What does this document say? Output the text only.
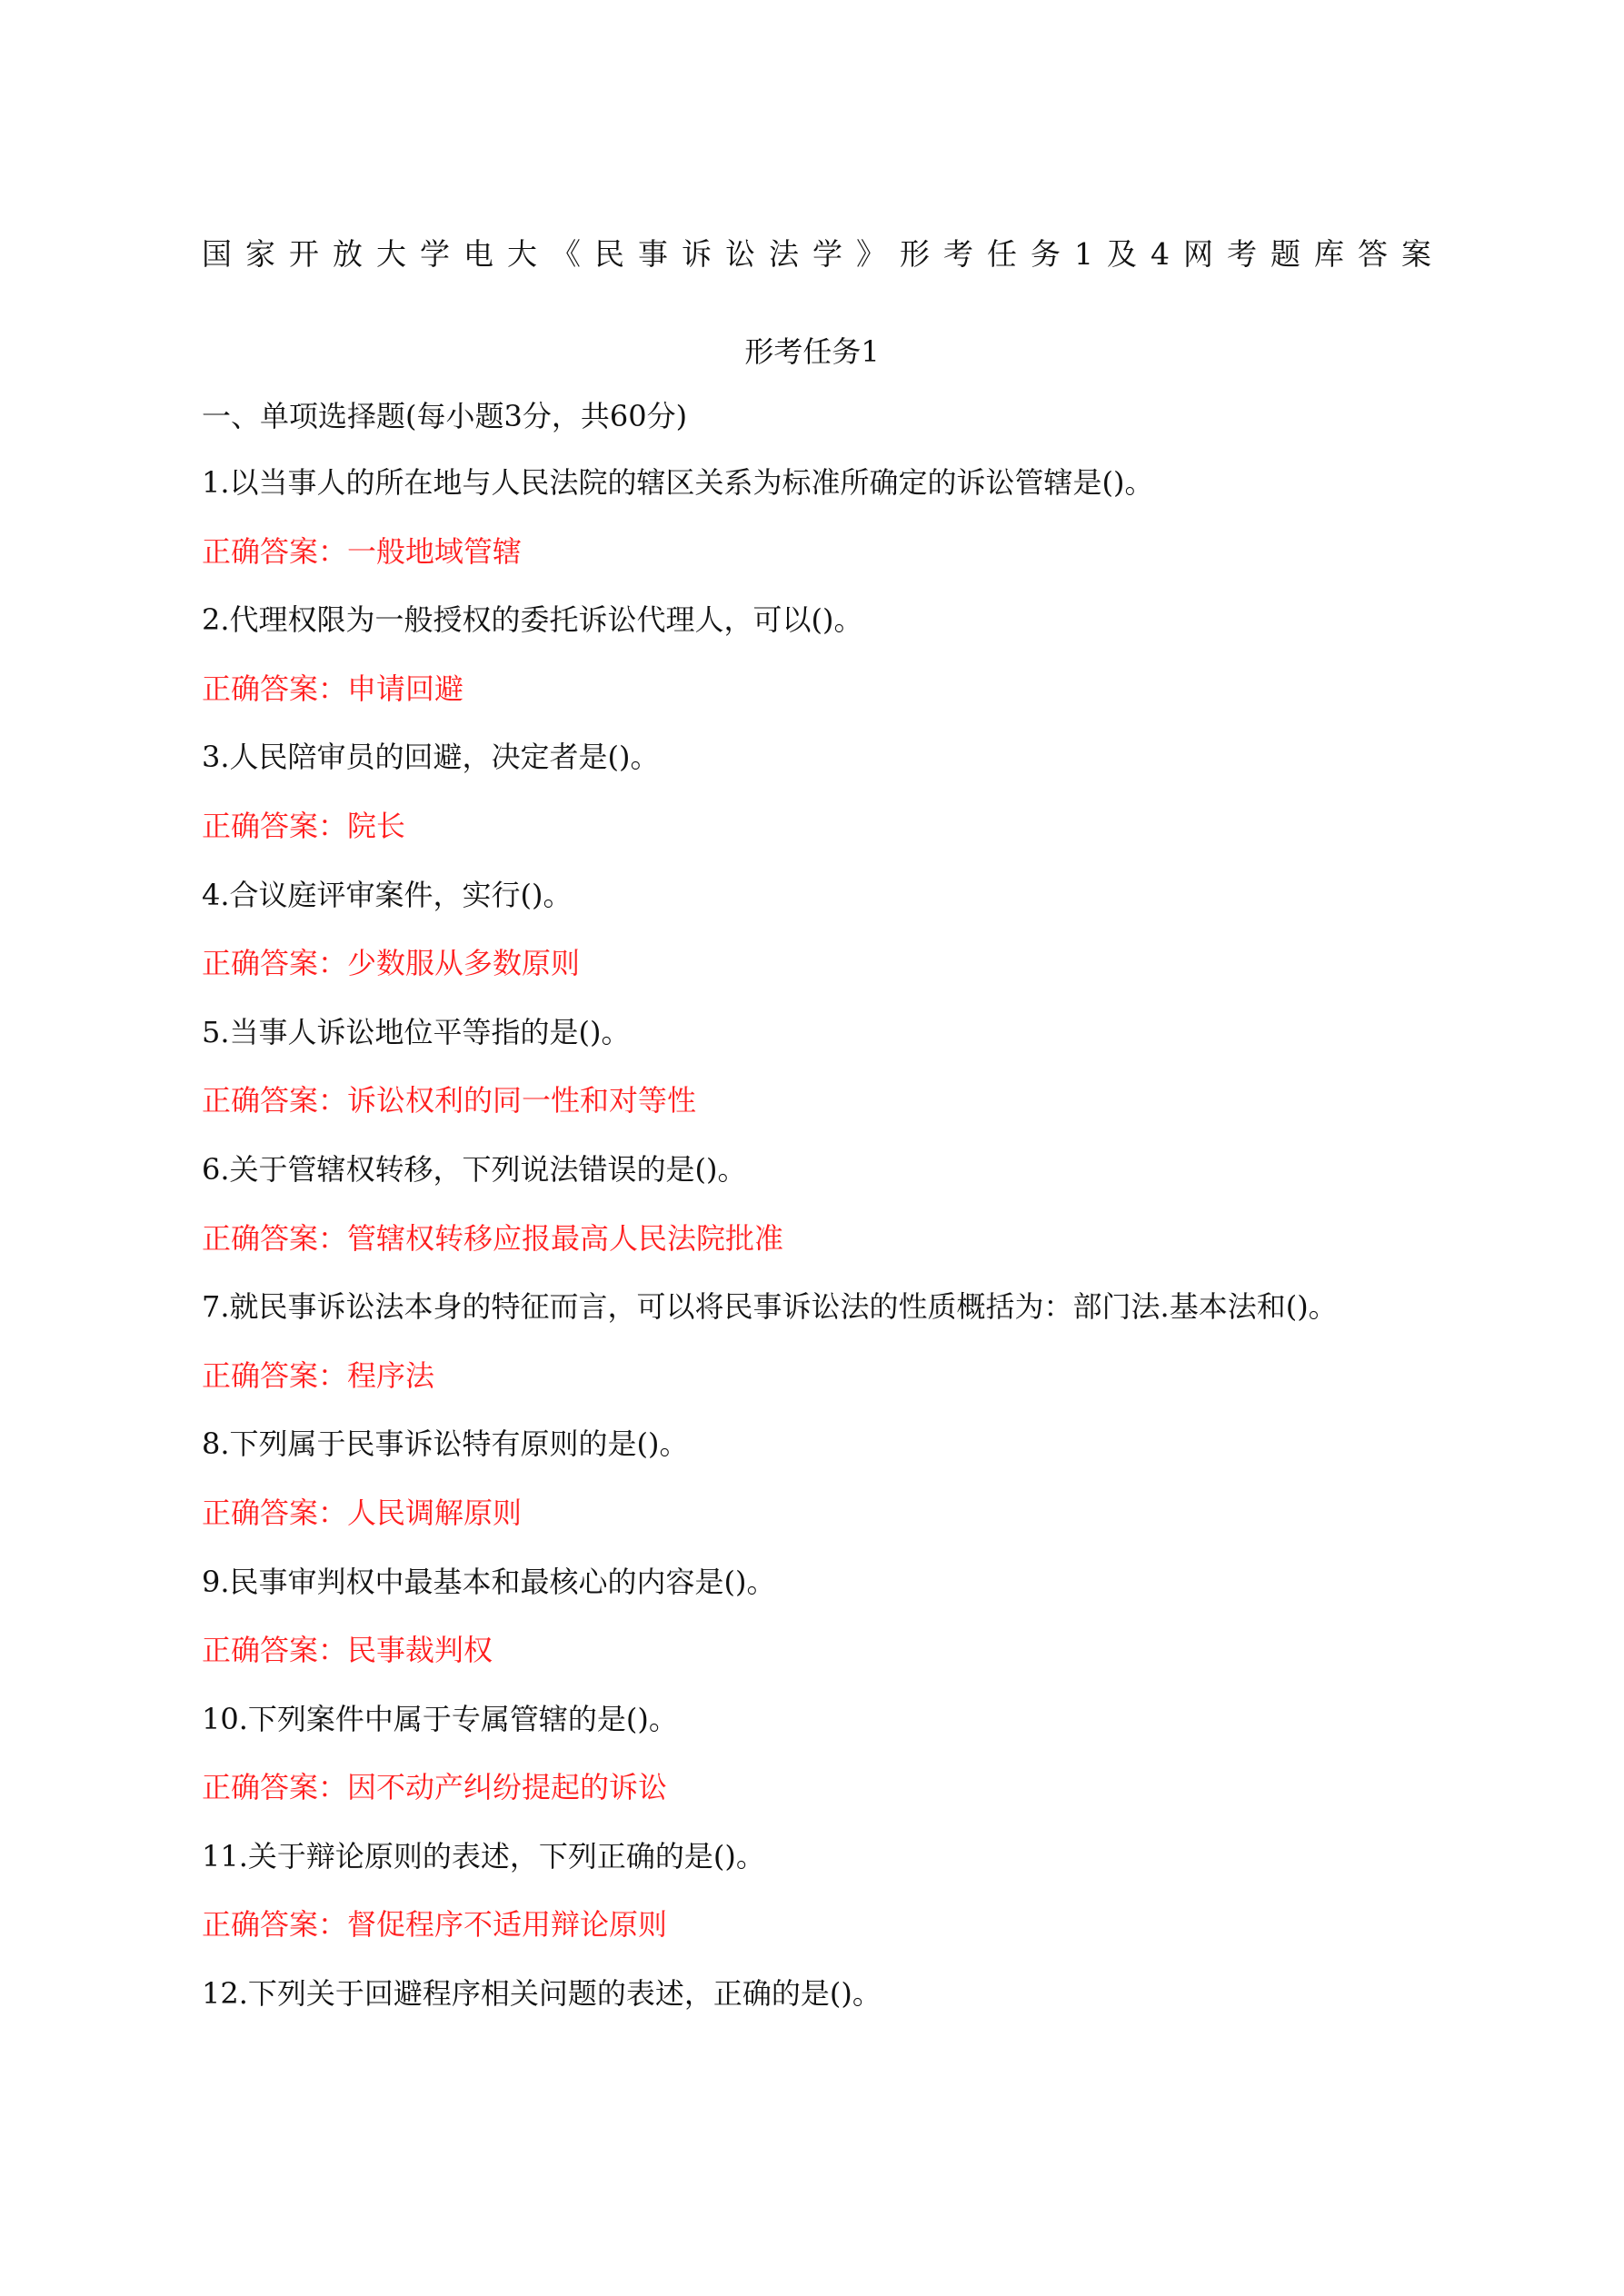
国家开放大学电大《民事诉讼法学》形考任务1及4网考题库答案
形考任务1
一、单项选择题(每小题3分，共60分)
1.以当事人的所在地与人民法院的辖区关系为标准所确定的诉讼管辖是()。
正确答案：一般地域管辖
2.代理权限为一般授权的委托诉讼代理人，可以()。
正确答案：申请回避
3.人民陪审员的回避，决定者是()。
正确答案：院长
4.合议庭评审案件，实行()。
正确答案：少数服从多数原则
5.当事人诉讼地位平等指的是()。
正确答案：诉讼权利的同一性和对等性
6.关于管辖权转移，下列说法错误的是()。
正确答案：管辖权转移应报最高人民法院批准
7.就民事诉讼法本身的特征而言，可以将民事诉讼法的性质概括为：部门法.基本法和()。
正确答案：程序法
8.下列属于民事诉讼特有原则的是()。
正确答案：人民调解原则
9.民事审判权中最基本和最核心的内容是()。
正确答案：民事裁判权
10.下列案件中属于专属管辖的是()。
正确答案：因不动产纠纷提起的诉讼
11.关于辩论原则的表述，下列正确的是()。
正确答案：督促程序不适用辩论原则
12.下列关于回避程序相关问题的表述，正确的是()。
